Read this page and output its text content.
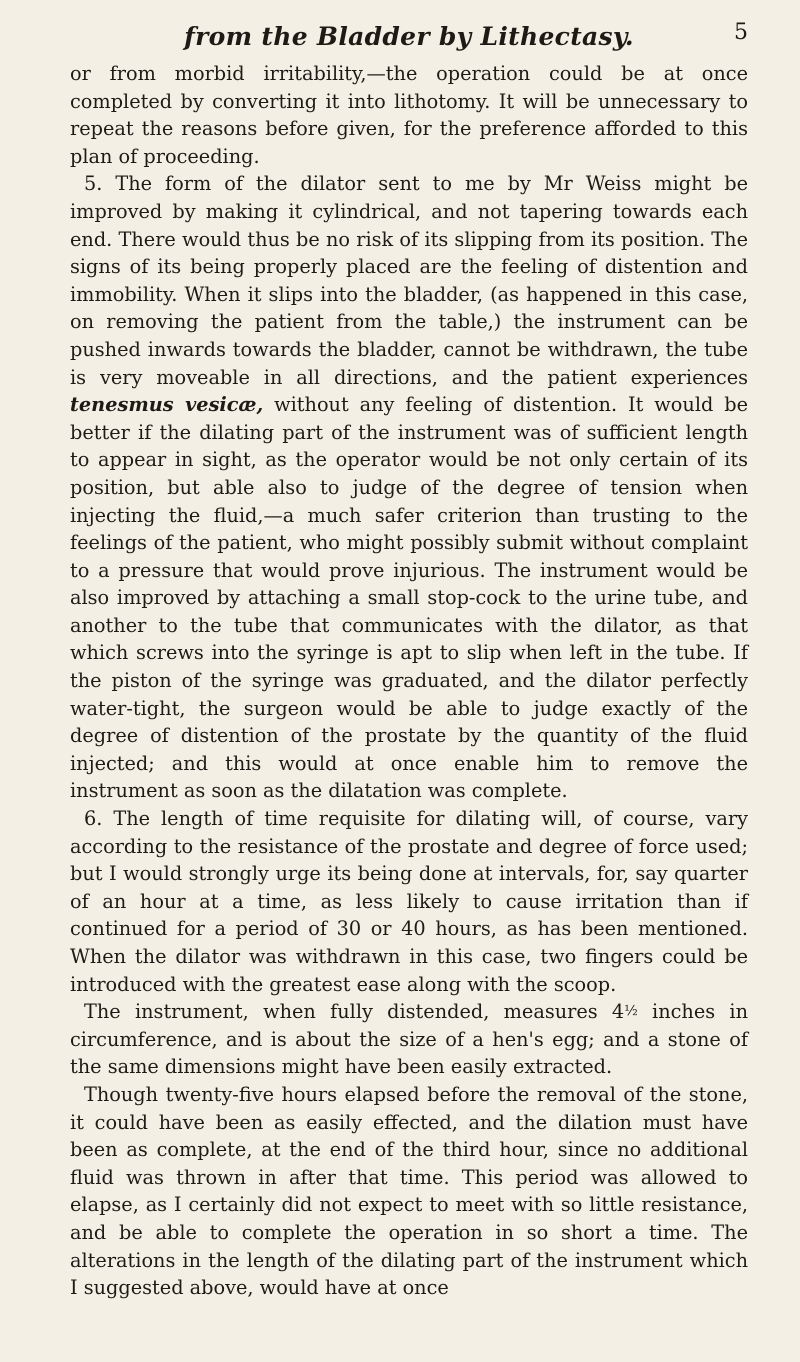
from the Bladder by Lithectasy.	5

or from morbid irritability,—the operation could be at once completed by converting it into lithotomy. It will be unnecessary to repeat the reasons before given, for the preference afforded to this plan of proceeding.

5. The form of the dilator sent to me by Mr Weiss might be improved by making it cylindrical, and not tapering towards each end. There would thus be no risk of its slipping from its position. The signs of its being properly placed are the feeling of distention and immobility. When it slips into the bladder, (as happened in this case, on removing the patient from the table,) the instrument can be pushed inwards towards the bladder, cannot be withdrawn, the tube is very moveable in all directions, and the patient experiences tenesmus vesicæ, without any feeling of distention. It would be better if the dilating part of the instrument was of sufficient length to appear in sight, as the operator would be not only certain of its position, but able also to judge of the degree of tension when injecting the fluid,—a much safer criterion than trusting to the feelings of the patient, who might possibly submit without complaint to a pressure that would prove injurious. The instrument would be also improved by attaching a small stop-cock to the urine tube, and another to the tube that communicates with the dilator, as that which screws into the syringe is apt to slip when left in the tube. If the piston of the syringe was graduated, and the dilator perfectly water-tight, the surgeon would be able to judge exactly of the degree of distention of the prostate by the quantity of the fluid injected; and this would at once enable him to remove the instrument as soon as the dilatation was complete.

6. The length of time requisite for dilating will, of course, vary according to the resistance of the prostate and degree of force used; but I would strongly urge its being done at intervals, for, say quarter of an hour at a time, as less likely to cause irritation than if continued for a period of 30 or 40 hours, as has been mentioned. When the dilator was withdrawn in this case, two fingers could be introduced with the greatest ease along with the scoop.

The instrument, when fully distended, measures 4½ inches in circumference, and is about the size of a hen's egg; and a stone of the same dimensions might have been easily extracted.

Though twenty-five hours elapsed before the removal of the stone, it could have been as easily effected, and the dilation must have been as complete, at the end of the third hour, since no additional fluid was thrown in after that time. This period was allowed to elapse, as I certainly did not expect to meet with so little resistance, and be able to complete the operation in so short a time. The alterations in the length of the dilating part of the instrument which I suggested above, would have at once
